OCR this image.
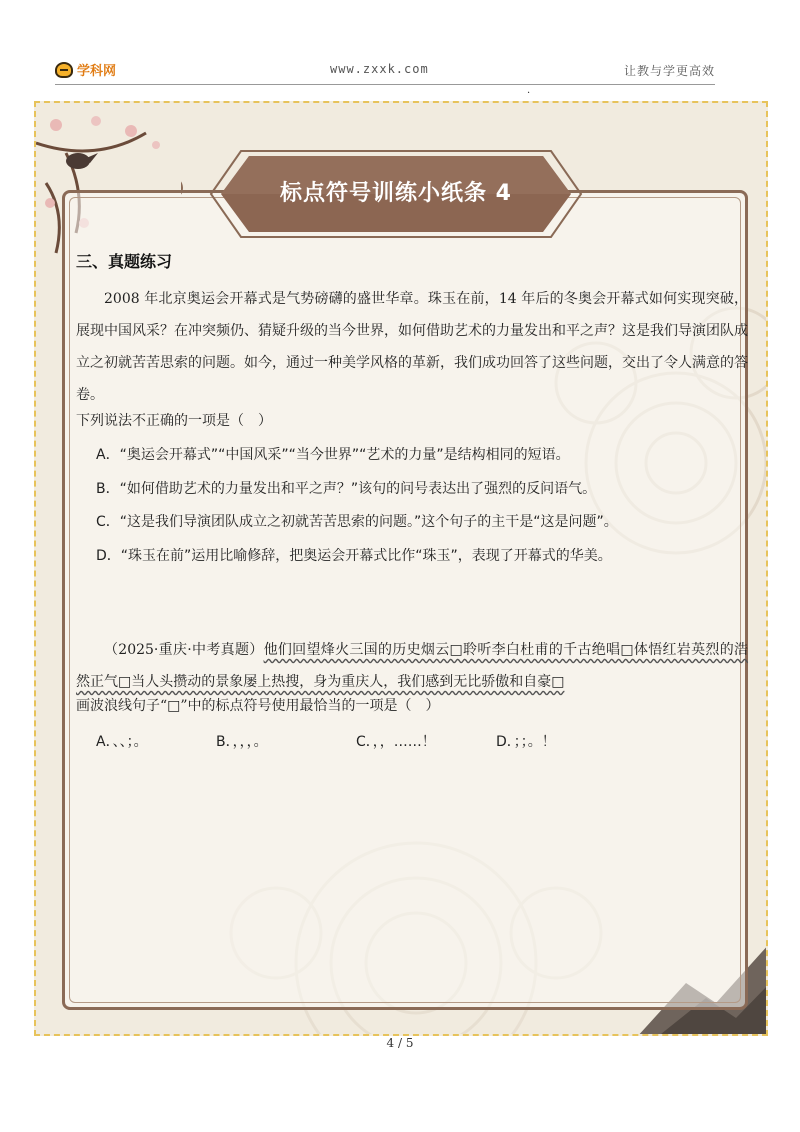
学科网	www.zxxk.com	让教与学更高效
·
标点符号训练小纸条 4
三、真题练习
2008 年北京奥运会开幕式是气势磅礴的盛世华章。珠玉在前，14 年后的冬奥会开幕式如何实现突破，展现中国风采？在冲突频仍、猜疑升级的当今世界，如何借助艺术的力量发出和平之声？这是我们导演团队成立之初就苦苦思索的问题。如今，通过一种美学风格的革新，我们成功回答了这些问题，交出了令人满意的答卷。
下列说法不正确的一项是（　）
A．“奥运会开幕式”“中国风采”“当今世界”“艺术的力量”是结构相同的短语。
B．“如何借助艺术的力量发出和平之声？”该句的问号表达出了强烈的反问语气。
C．“这是我们导演团队成立之初就苦苦思索的问题。”这个句子的主干是“这是问题”。
D．“珠玉在前”运用比喻修辞，把奥运会开幕式比作“珠玉”，表现了开幕式的华美。
（2025·重庆·中考真题）他们回望烽火三国的历史烟云□聆听李白杜甫的千古绝唱□体悟红岩英烈的浩然正气□当人头攒动的景象屡上热搜，身为重庆人，我们感到无比骄傲和自豪□
画波浪线句子“□”中的标点符号使用最恰当的一项是（　）
A．、、；。	B．，，，。	C．，，……！	D．；；。！
4 / 5
